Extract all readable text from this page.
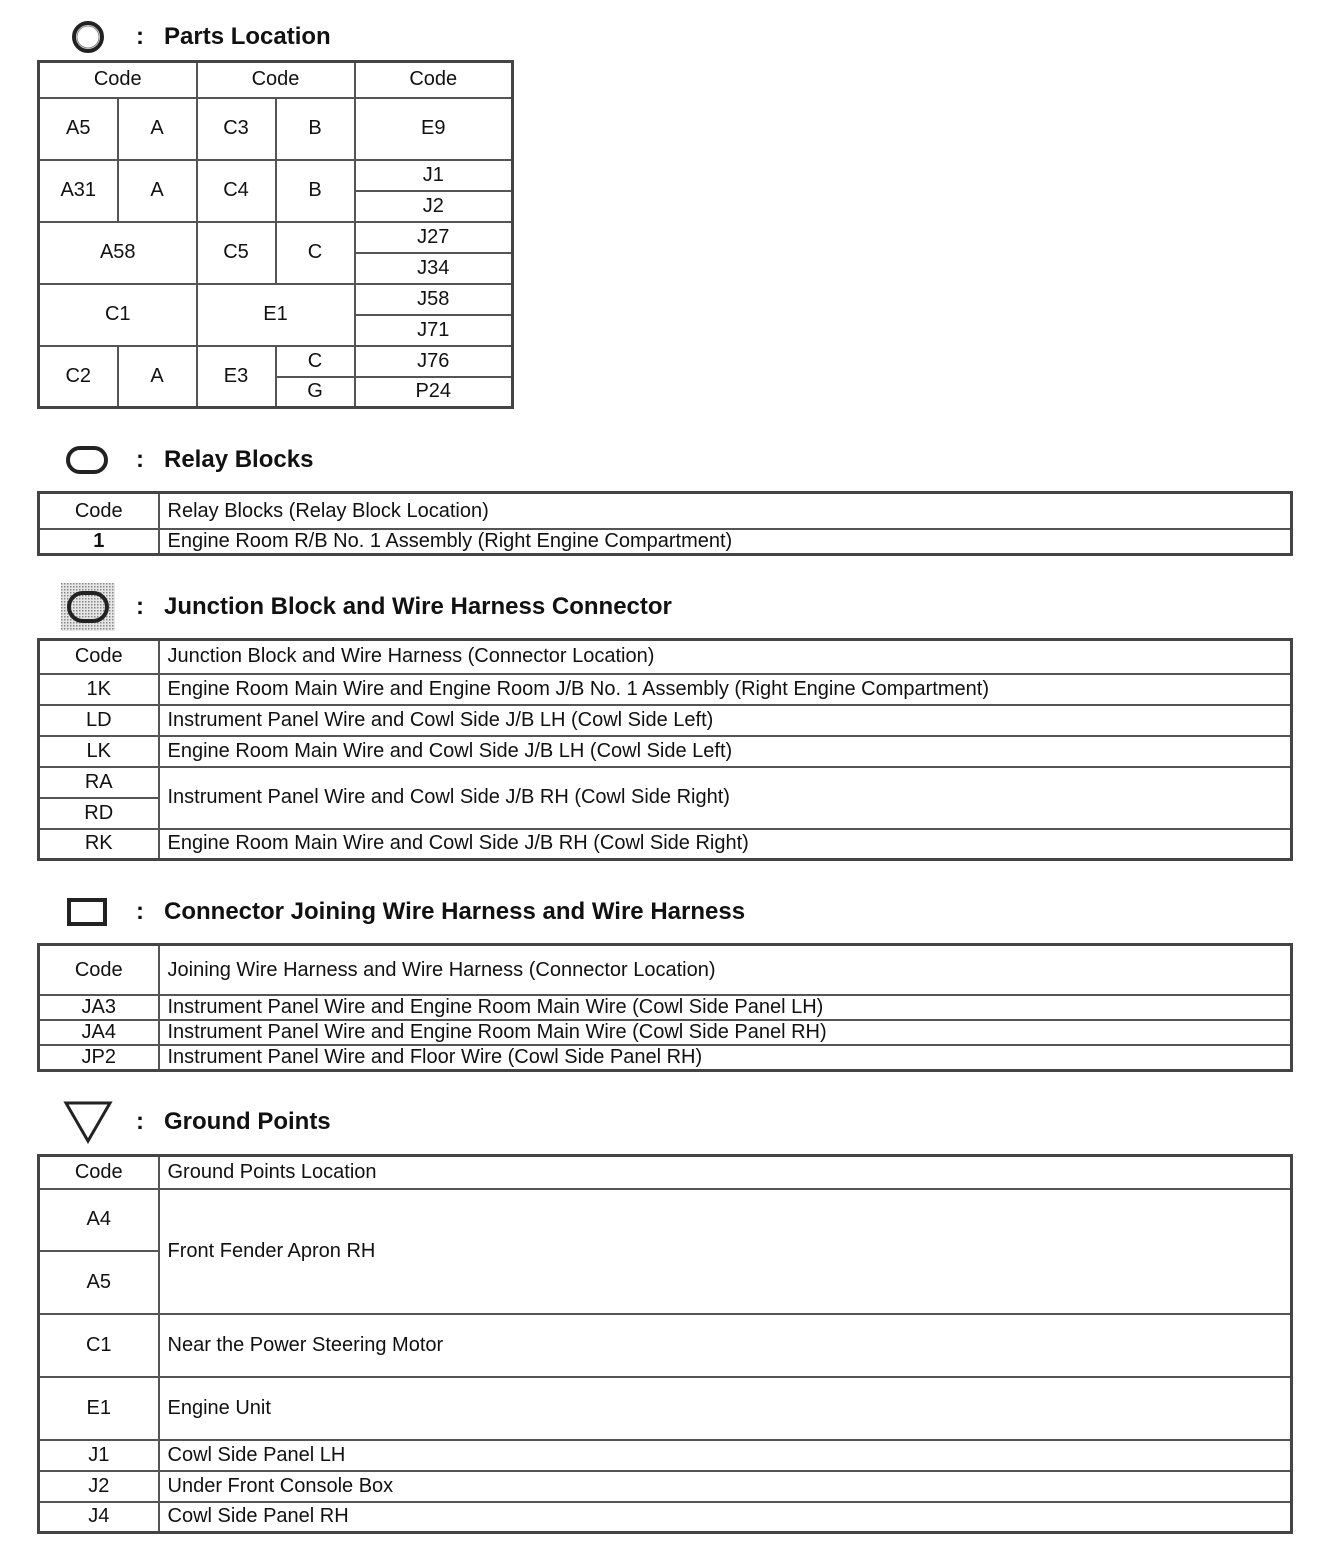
: Parts Location
Code		Code		Code
A5	A	C3	B	E9

A31	A	C4	B	J1
				J2
A58		C5	C	J27
				J34
C1		E1		J58
				J71
C2	A	E3	C	J76
			G	P24
: Relay Blocks
Code	Relay Blocks (Relay Block Location)
1	Engine Room R/B No. 1 Assembly (Right Engine Compartment)
: Junction Block and Wire Harness Connector
Code	Junction Block and Wire Harness (Connector Location)
1K	Engine Room Main Wire and Engine Room J/B No. 1 Assembly (Right Engine Compartment)
LD	Instrument Panel Wire and Cowl Side J/B LH (Cowl Side Left)
LK	Engine Room Main Wire and Cowl Side J/B LH (Cowl Side Left)
RA	Instrument Panel Wire and Cowl Side J/B RH (Cowl Side Right)
RD	
RK	Engine Room Main Wire and Cowl Side J/B RH (Cowl Side Right)
: Connector Joining Wire Harness and Wire Harness
Code	Joining Wire Harness and Wire Harness (Connector Location)
JA3	Instrument Panel Wire and Engine Room Main Wire (Cowl Side Panel LH)
JA4	Instrument Panel Wire and Engine Room Main Wire (Cowl Side Panel RH)
JP2	Instrument Panel Wire and Floor Wire (Cowl Side Panel RH)
: Ground Points
Code	Ground Points Location
A4	Front Fender Apron RH
A5	
C1	Near the Power Steering Motor
E1	Engine Unit
J1	Cowl Side Panel LH
J2	Under Front Console Box
J4	Cowl Side Panel RH
